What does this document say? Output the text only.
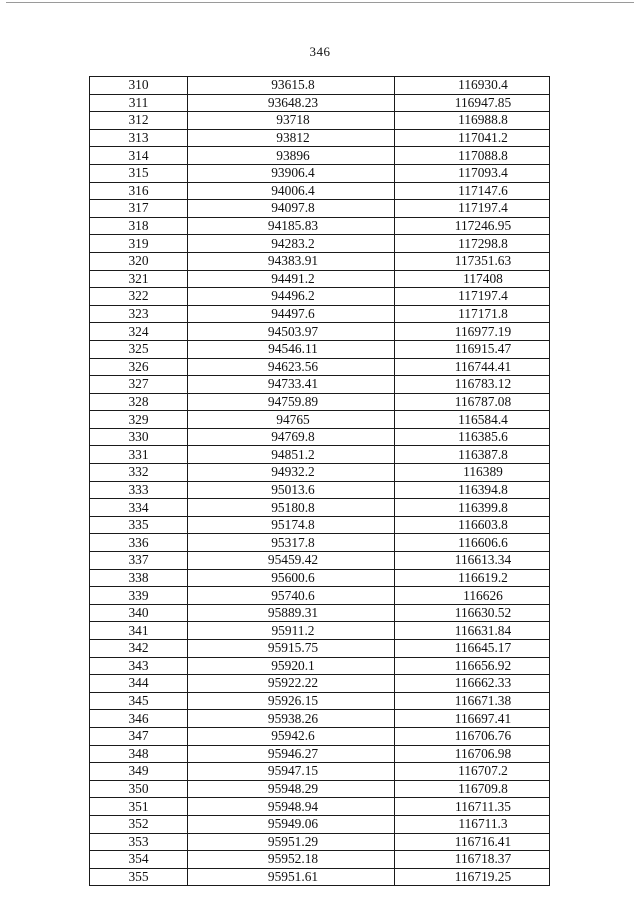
346
310	93615.8	116930.4
311	93648.23	116947.85
312	93718	116988.8
313	93812	117041.2
314	93896	117088.8
315	93906.4	117093.4
316	94006.4	117147.6
317	94097.8	117197.4
318	94185.83	117246.95
319	94283.2	117298.8
320	94383.91	117351.63
321	94491.2	117408
322	94496.2	117197.4
323	94497.6	117171.8
324	94503.97	116977.19
325	94546.11	116915.47
326	94623.56	116744.41
327	94733.41	116783.12
328	94759.89	116787.08
329	94765	116584.4
330	94769.8	116385.6
331	94851.2	116387.8
332	94932.2	116389
333	95013.6	116394.8
334	95180.8	116399.8
335	95174.8	116603.8
336	95317.8	116606.6
337	95459.42	116613.34
338	95600.6	116619.2
339	95740.6	116626
340	95889.31	116630.52
341	95911.2	116631.84
342	95915.75	116645.17
343	95920.1	116656.92
344	95922.22	116662.33
345	95926.15	116671.38
346	95938.26	116697.41
347	95942.6	116706.76
348	95946.27	116706.98
349	95947.15	116707.2
350	95948.29	116709.8
351	95948.94	116711.35
352	95949.06	116711.3
353	95951.29	116716.41
354	95952.18	116718.37
355	95951.61	116719.25
